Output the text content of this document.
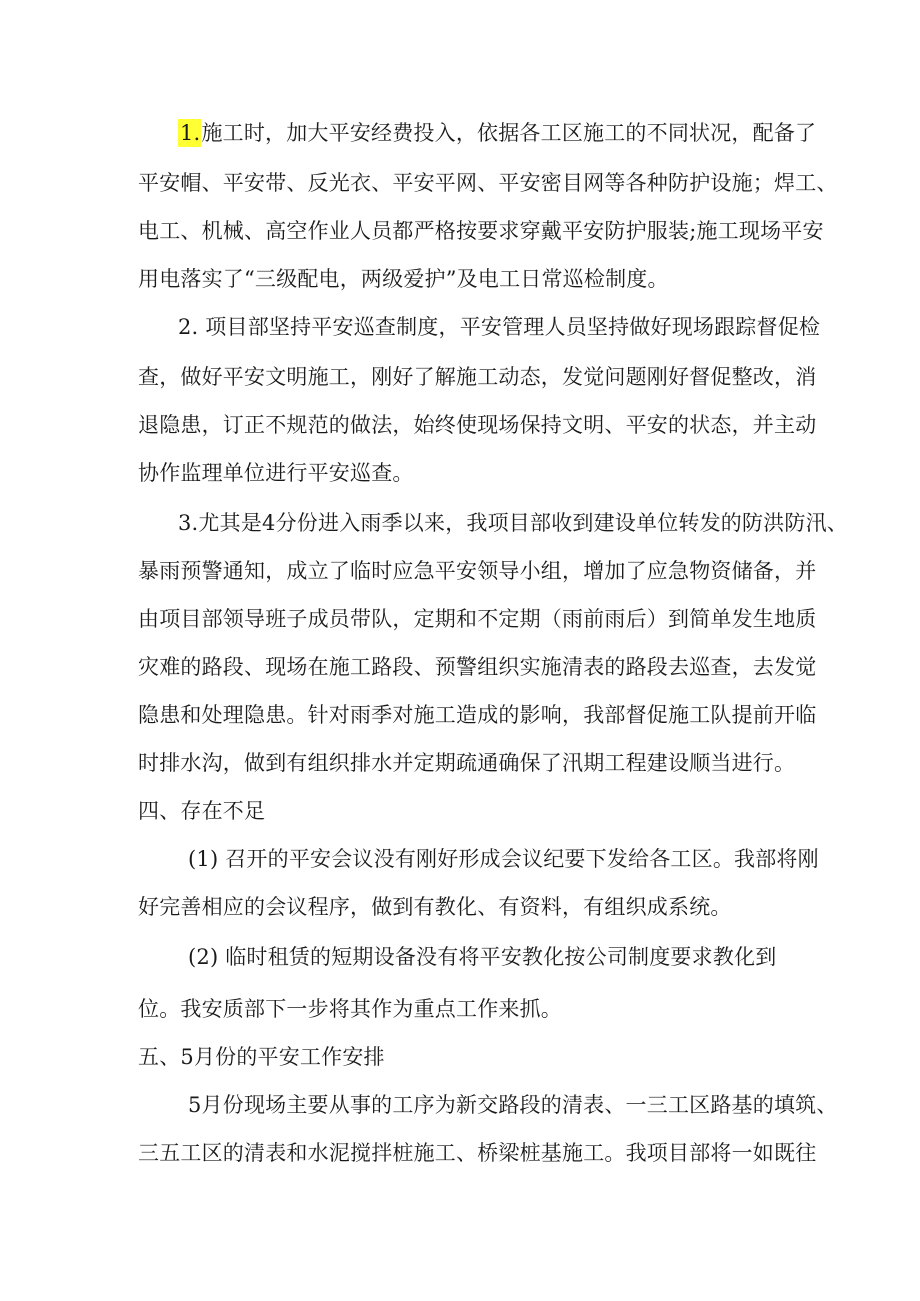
1.施工时，加大平安经费投入，依据各工区施工的不同状况，配备了
平安帽、平安带、反光衣、平安平网、平安密目网等各种防护设施；焊工、
电工、机械、高空作业人员都严格按要求穿戴平安防护服装;施工现场平安
用电落实了“三级配电，两级爱护”及电工日常巡检制度。
2. 项目部坚持平安巡查制度，平安管理人员坚持做好现场跟踪督促检
查，做好平安文明施工，刚好了解施工动态，发觉问题刚好督促整改，消
退隐患，订正不规范的做法，始终使现场保持文明、平安的状态，并主动
协作监理单位进行平安巡查。
3.尤其是4分份进入雨季以来，我项目部收到建设单位转发的防洪防汛、
暴雨预警通知，成立了临时应急平安领导小组，增加了应急物资储备，并
由项目部领导班子成员带队，定期和不定期（雨前雨后）到简单发生地质
灾难的路段、现场在施工路段、预警组织实施清表的路段去巡查，去发觉
隐患和处理隐患。针对雨季对施工造成的影响，我部督促施工队提前开临
时排水沟，做到有组织排水并定期疏通确保了汛期工程建设顺当进行。
四、存在不足
(1) 召开的平安会议没有刚好形成会议纪要下发给各工区。我部将刚
好完善相应的会议程序，做到有教化、有资料，有组织成系统。
(2) 临时租赁的短期设备没有将平安教化按公司制度要求教化到
位。我安质部下一步将其作为重点工作来抓。
五、5月份的平安工作安排
5月份现场主要从事的工序为新交路段的清表、一三工区路基的填筑、
三五工区的清表和水泥搅拌桩施工、桥梁桩基施工。我项目部将一如既往
